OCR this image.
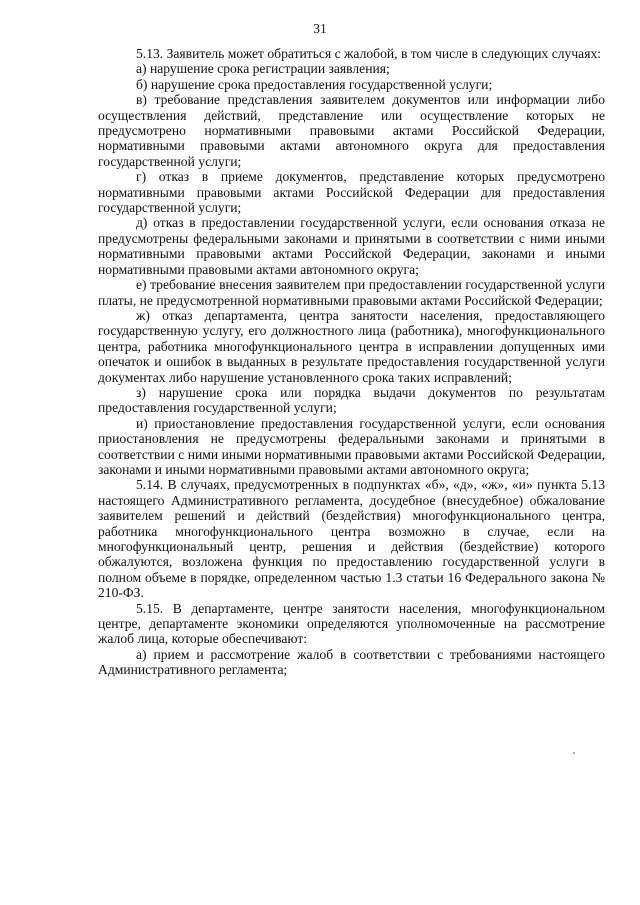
31

5.13. Заявитель может обратиться с жалобой, в том числе в следующих случаях:

а) нарушение срока регистрации заявления;

б) нарушение срока предоставления государственной услуги;

в) требование представления заявителем документов или информации либо осуществления действий, представление или осуществление которых не предусмотрено нормативными правовыми актами Российской Федерации, нормативными правовыми актами автономного округа для предоставления государственной услуги;

г) отказ в приеме документов, представление которых предусмотрено нормативными правовыми актами Российской Федерации для предоставления государственной услуги;

д) отказ в предоставлении государственной услуги, если основания отказа не предусмотрены федеральными законами и принятыми в соответствии с ними иными нормативными правовыми актами Российской Федерации, законами и иными нормативными правовыми актами автономного округа;

е) требование внесения заявителем при предоставлении государственной услуги платы, не предусмотренной нормативными правовыми актами Российской Федерации;

ж) отказ департамента, центра занятости населения, предоставляющего государственную услугу, его должностного лица (работника), многофункционального центра, работника многофункционального центра в исправлении допущенных ими опечаток и ошибок в выданных в результате предоставления государственной услуги документах либо нарушение установленного срока таких исправлений;

з) нарушение срока или порядка выдачи документов по результатам предоставления государственной услуги;

и) приостановление предоставления государственной услуги, если основания приостановления не предусмотрены федеральными законами и принятыми в соответствии с ними иными нормативными правовыми актами Российской Федерации, законами и иными нормативными правовыми актами автономного округа;

5.14. В случаях, предусмотренных в подпунктах «б», «д», «ж», «и» пункта 5.13 настоящего Административного регламента, досудебное (внесудебное) обжалование заявителем решений и действий (бездействия) многофункционального центра, работника многофункционального центра возможно в случае, если на многофункциональный центр, решения и действия (бездействие) которого обжалуются, возложена функция по предоставлению государственной услуги в полном объеме в порядке, определенном частью 1.3 статьи 16 Федерального закона № 210-ФЗ.

5.15. В департаменте, центре занятости населения, многофункциональном центре, департаменте экономики определяются уполномоченные на рассмотрение жалоб лица, которые обеспечивают:

а) прием и рассмотрение жалоб в соответствии с требованиями настоящего Административного регламента;
